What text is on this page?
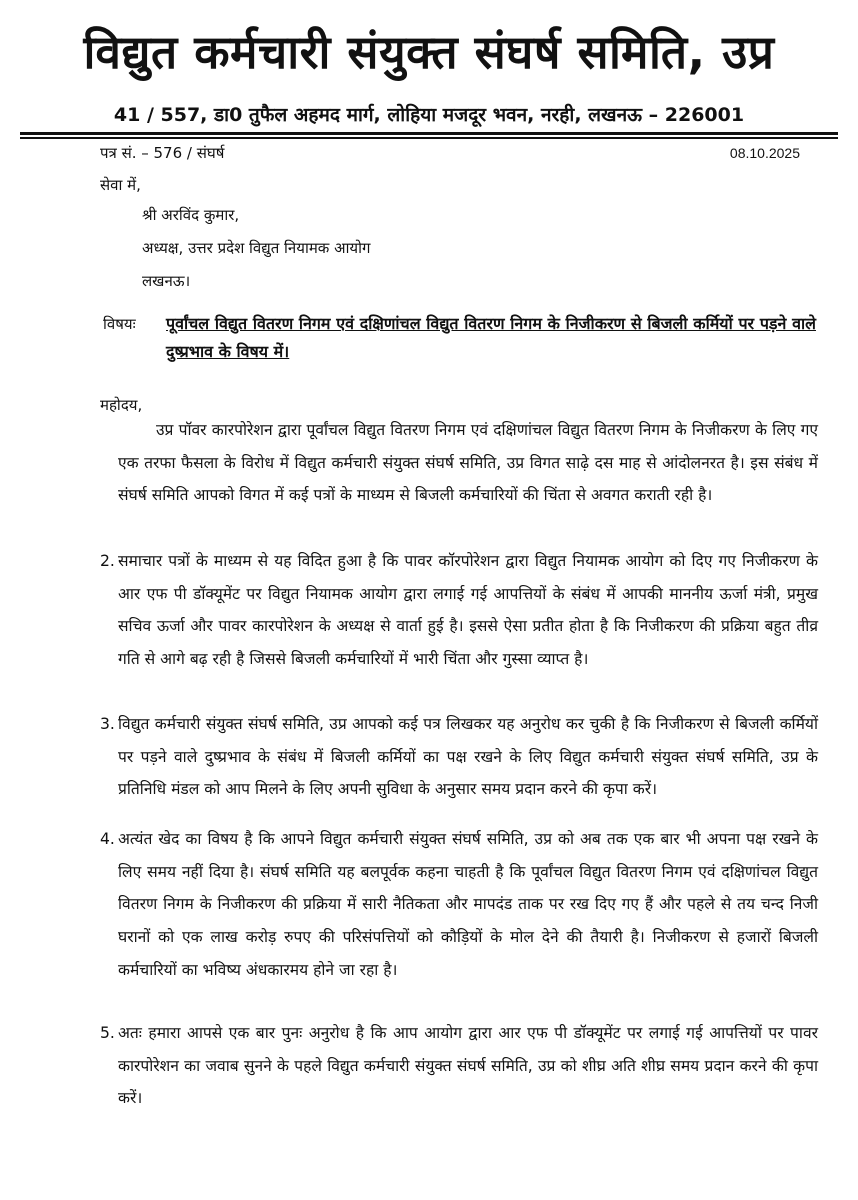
विद्युत कर्मचारी संयुक्त संघर्ष समिति, उप्र
41 / 557, डा0 तुफैल अहमद मार्ग, लोहिया मजदूर भवन, नरही, लखनऊ – 226001
पत्र सं. – 576 / संघर्ष	08.10.2025
सेवा में,
श्री अरविंद कुमार,
अध्यक्ष, उत्तर प्रदेश विद्युत नियामक आयोग
लखनऊ।
विषयः पूर्वांचल विद्युत वितरण निगम एवं दक्षिणांचल विद्युत वितरण निगम के निजीकरण से बिजली कर्मियों पर पड़ने वाले दुष्प्रभाव के विषय में।

महोदय,

उप्र पॉवर कारपोरेशन द्वारा पूर्वांचल विद्युत वितरण निगम एवं दक्षिणांचल विद्युत वितरण निगम के निजीकरण के लिए गए एक तरफा फैसला के विरोध में विद्युत कर्मचारी संयुक्त संघर्ष समिति, उप्र विगत साढ़े दस माह से आंदोलनरत है। इस संबंध में संघर्ष समिति आपको विगत में कई पत्रों के माध्यम से बिजली कर्मचारियों की चिंता से अवगत कराती रही है।

2. समाचार पत्रों के माध्यम से यह विदित हुआ है कि पावर कॉरपोरेशन द्वारा विद्युत नियामक आयोग को दिए गए निजीकरण के आर एफ पी डॉक्यूमेंट पर विद्युत नियामक आयोग द्वारा लगाई गई आपत्तियों के संबंध में आपकी माननीय ऊर्जा मंत्री, प्रमुख सचिव ऊर्जा और पावर कारपोरेशन के अध्यक्ष से वार्ता हुई है। इससे ऐसा प्रतीत होता है कि निजीकरण की प्रक्रिया बहुत तीव्र गति से आगे बढ़ रही है जिससे बिजली कर्मचारियों में भारी चिंता और गुस्सा व्याप्त है।

3. विद्युत कर्मचारी संयुक्त संघर्ष समिति, उप्र आपको कई पत्र लिखकर यह अनुरोध कर चुकी है कि निजीकरण से बिजली कर्मियों पर पड़ने वाले दुष्प्रभाव के संबंध में बिजली कर्मियों का पक्ष रखने के लिए विद्युत कर्मचारी संयुक्त संघर्ष समिति, उप्र के प्रतिनिधि मंडल को आप मिलने के लिए अपनी सुविधा के अनुसार समय प्रदान करने की कृपा करें।

4. अत्यंत खेद का विषय है कि आपने विद्युत कर्मचारी संयुक्त संघर्ष समिति, उप्र को अब तक एक बार भी अपना पक्ष रखने के लिए समय नहीं दिया है। संघर्ष समिति यह बलपूर्वक कहना चाहती है कि पूर्वांचल विद्युत वितरण निगम एवं दक्षिणांचल विद्युत वितरण निगम के निजीकरण की प्रक्रिया में सारी नैतिकता और मापदंड ताक पर रख दिए गए हैं और पहले से तय चन्द निजी घरानों को एक लाख करोड़ रुपए की परिसंपत्तियों को कौड़ियों के मोल देने की तैयारी है। निजीकरण से हजारों बिजली कर्मचारियों का भविष्य अंधकारमय होने जा रहा है।

5. अतः हमारा आपसे एक बार पुनः अनुरोध है कि आप आयोग द्वारा आर एफ पी डॉक्यूमेंट पर लगाई गई आपत्तियों पर पावर कारपोरेशन का जवाब सुनने के पहले विद्युत कर्मचारी संयुक्त संघर्ष समिति, उप्र को शीघ्र अति शीघ्र समय प्रदान करने की कृपा करें।
